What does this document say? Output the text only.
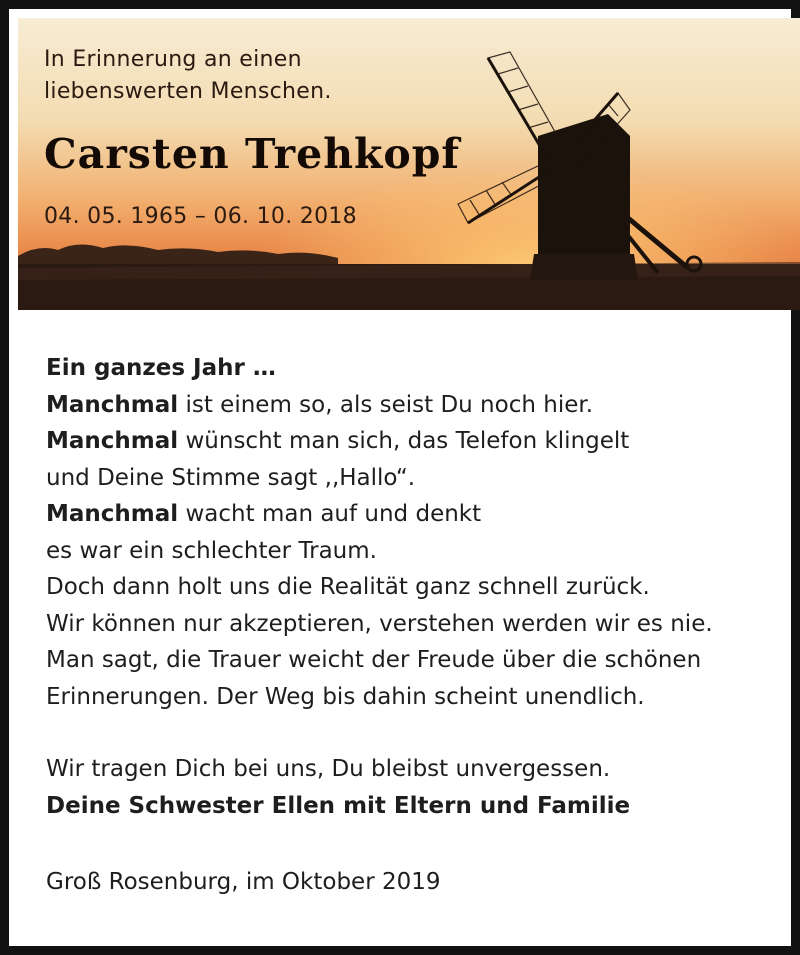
In Erinnerung an einen
liebenswerten Menschen.

Carsten Trehkopf

04. 05. 1965 – 06. 10. 2018

Ein ganzes Jahr …
Manchmal ist einem so, als seist Du noch hier.
Manchmal wünscht man sich, das Telefon klingelt
und Deine Stimme sagt ,,Hallo“.
Manchmal wacht man auf und denkt
es war ein schlechter Traum.
Doch dann holt uns die Realität ganz schnell zurück.
Wir können nur akzeptieren, verstehen werden wir es nie.
Man sagt, die Trauer weicht der Freude über die schönen
Erinnerungen. Der Weg bis dahin scheint unendlich.
Wir tragen Dich bei uns, Du bleibst unvergessen.
Deine Schwester Ellen mit Eltern und Familie
Groß Rosenburg, im Oktober 2019
